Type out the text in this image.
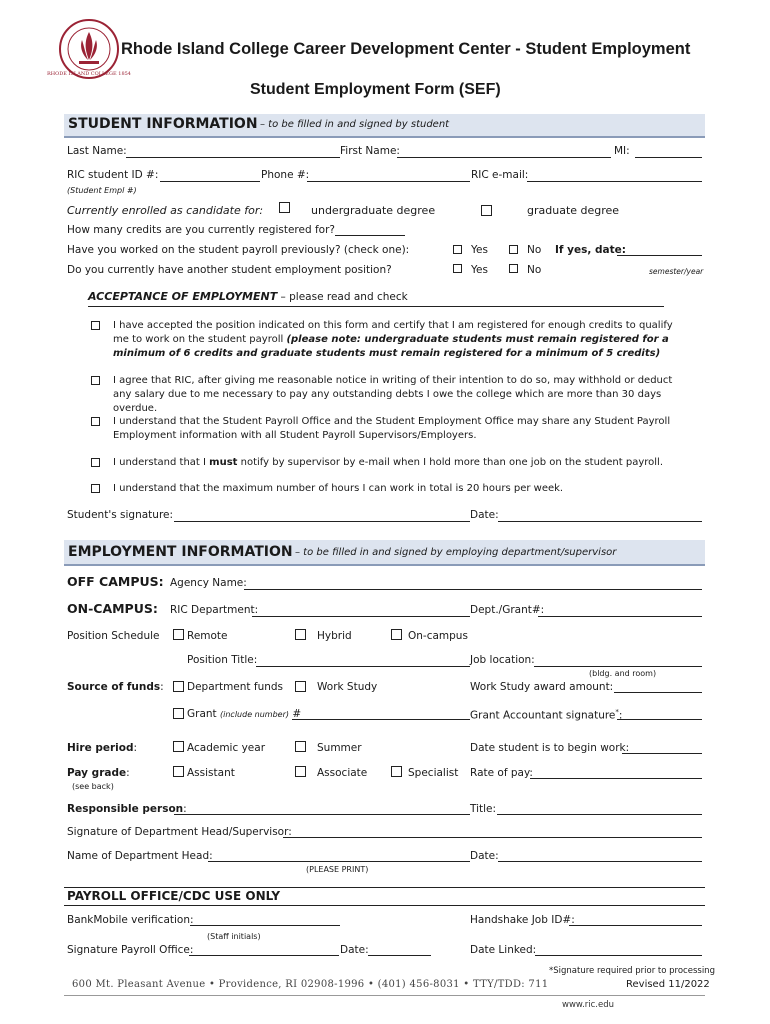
RHODE ISLAND COLLEGE 1854
Rhode Island College Career Development Center - Student Employment
Student Employment Form (SEF)
STUDENT INFORMATION – to be filled in and signed by student
Last Name:	First Name:	MI:
RIC student ID #:	Phone #:	RIC e-mail:
(Student Empl #)
Currently enrolled as candidate for:	undergraduate degree	graduate degree
How many credits are you currently registered for?
Have you worked on the student payroll previously? (check one):	Yes	No If yes, date:
Do you currently have another student employment position?	Yes	No	semester/year
ACCEPTANCE OF EMPLOYMENT – please read and check
I have accepted the position indicated on this form and certify that I am registered for enough credits to qualify me to work on the student payroll (please note: undergraduate students must remain registered for a minimum of 6 credits and graduate students must remain registered for a minimum of 5 credits)
I agree that RIC, after giving me reasonable notice in writing of their intention to do so, may withhold or deduct any salary due to me necessary to pay any outstanding debts I owe the college which are more than 30 days overdue.
I understand that the Student Payroll Office and the Student Employment Office may share any Student Payroll Employment information with all Student Payroll Supervisors/Employers.
I understand that I must notify by supervisor by e-mail when I hold more than one job on the student payroll.
I understand that the maximum number of hours I can work in total is 20 hours per week.
Student's signature:	Date:
EMPLOYMENT INFORMATION – to be filled in and signed by employing department/supervisor
OFF CAMPUS: Agency Name:
ON-CAMPUS: RIC Department:	Dept./Grant#:
Position Schedule	Remote	Hybrid	On-campus
Position Title:	Job location:
(bldg. and room)
Source of funds: Department funds	Work Study	Work Study award amount:
Grant (include number) #	Grant Accountant signature*:
Hire period:	Academic year	Summer	Date student is to begin work:
Pay grade:	Assistant	Associate	Specialist Rate of pay:
(see back)
Responsible person:	Title:
Signature of Department Head/Supervisor:
Name of Department Head:	Date:
(PLEASE PRINT)
PAYROLL OFFICE/CDC USE ONLY
BankMobile verification:	Handshake Job ID#:
(Staff initials)
Signature Payroll Office:	Date:	Date Linked:
*Signature required prior to processing
600 Mt. Pleasant Avenue • Providence, RI 02908-1996 • (401) 456-8031 • TTY/TDD: 711	Revised 11/2022
www.ric.edu
